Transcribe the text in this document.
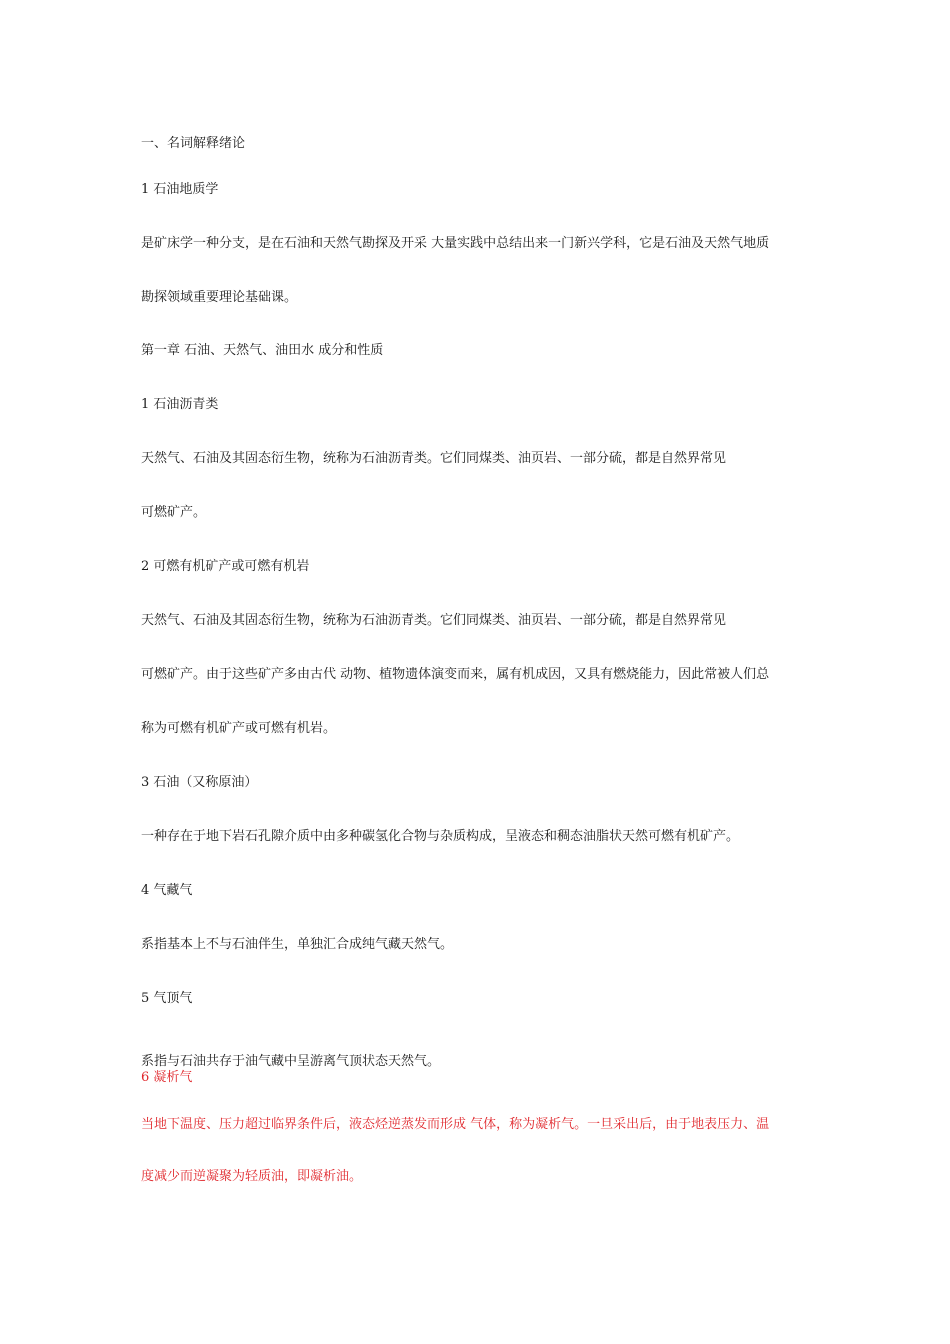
一、名词解释绪论
1 石油地质学
是矿床学一种分支，是在石油和天然气勘探及开采 大量实践中总结出来一门新兴学科，它是石油及天然气地质
勘探领域重要理论基础课。
第一章 石油、天然气、油田水 成分和性质
1 石油沥青类
天然气、石油及其固态衍生物，统称为石油沥青类。它们同煤类、油页岩、一部分硫，都是自然界常见
可燃矿产。
2 可燃有机矿产或可燃有机岩
天然气、石油及其固态衍生物，统称为石油沥青类。它们同煤类、油页岩、一部分硫，都是自然界常见
可燃矿产。由于这些矿产多由古代 动物、植物遗体演变而来，属有机成因，又具有燃烧能力，因此常被人们总
称为可燃有机矿产或可燃有机岩。
3 石油（又称原油）
一种存在于地下岩石孔隙介质中由多种碳氢化合物与杂质构成，呈液态和稠态油脂状天然可燃有机矿产。
4 气藏气
系指基本上不与石油伴生，单独汇合成纯气藏天然气。
5 气顶气
系指与石油共存于油气藏中呈游离气顶状态天然气。
6 凝析气
当地下温度、压力超过临界条件后，液态烃逆蒸发而形成 气体，称为凝析气。一旦采出后，由于地表压力、温
度减少而逆凝聚为轻质油，即凝析油。
